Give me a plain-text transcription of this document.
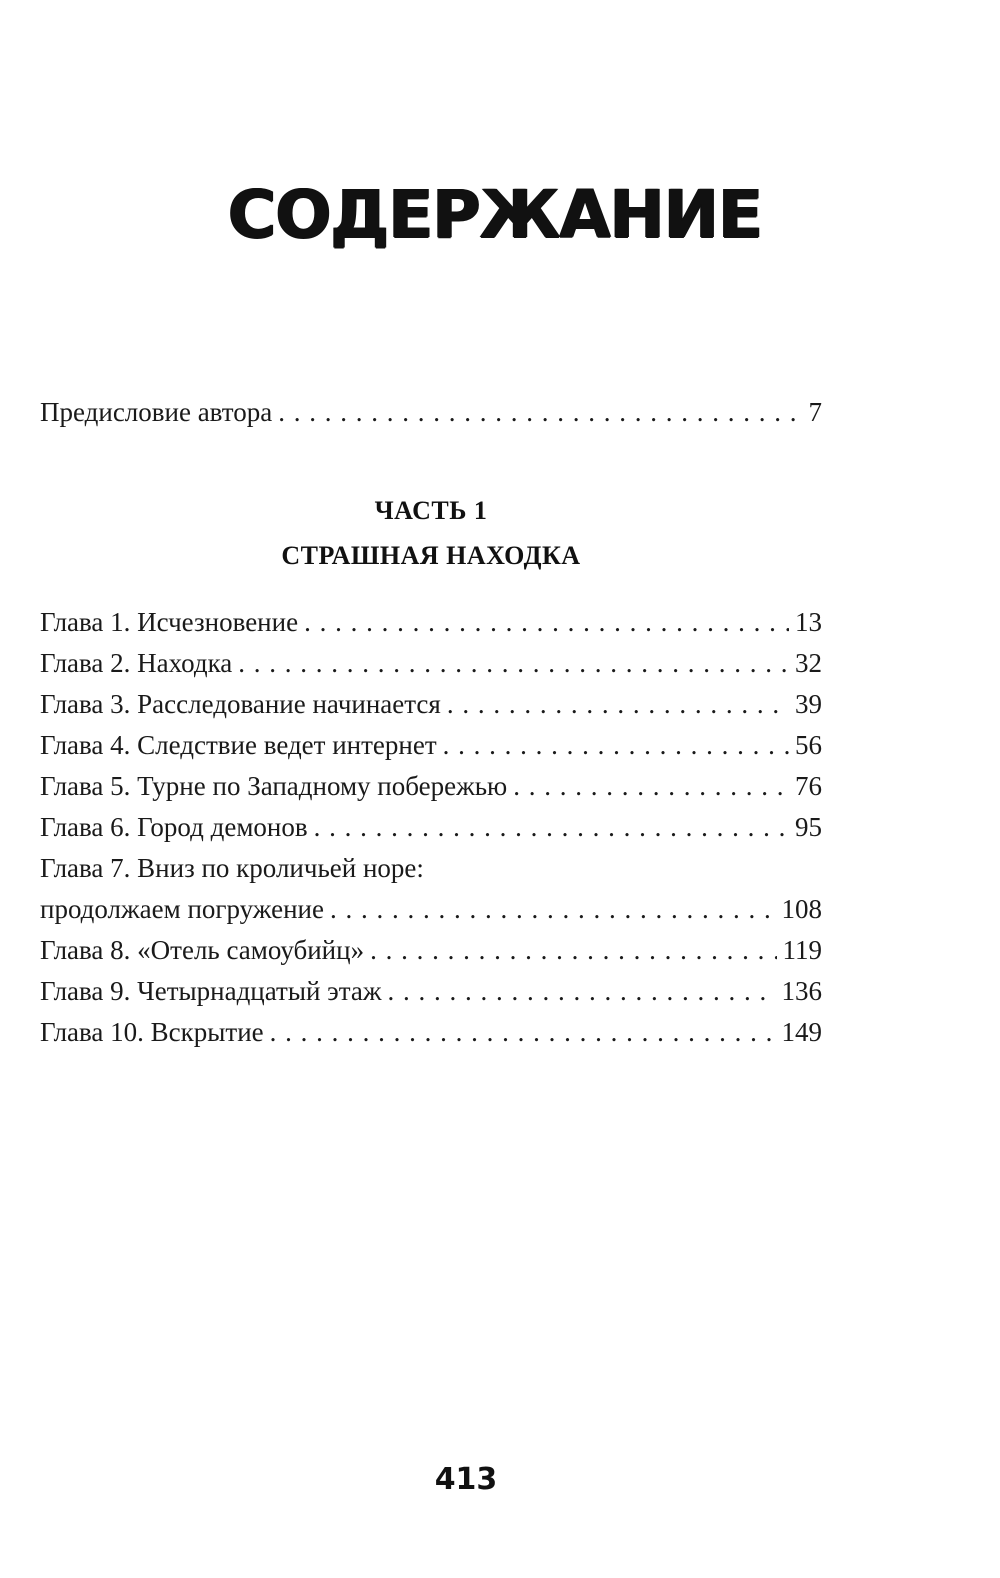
СОДЕРЖАНИЕ
Предисловие автора . . .	7
ЧАСТЬ 1
СТРАШНАЯ НАХОДКА
Глава 1. Исчезновение . . .	13
Глава 2. Находка . . .	32
Глава 3. Расследование начинается . . .	39
Глава 4. Следствие ведет интернет . . .	56
Глава 5. Турне по Западному побережью . . .	76
Глава 6. Город демонов . . .	95
Глава 7. Вниз по кроличьей норе:
продолжаем погружение . . .	108
Глава 8. «Отель самоубийц» . . .	119
Глава 9. Четырнадцатый этаж . . .	136
Глава 10. Вскрытие . . .	149
413
